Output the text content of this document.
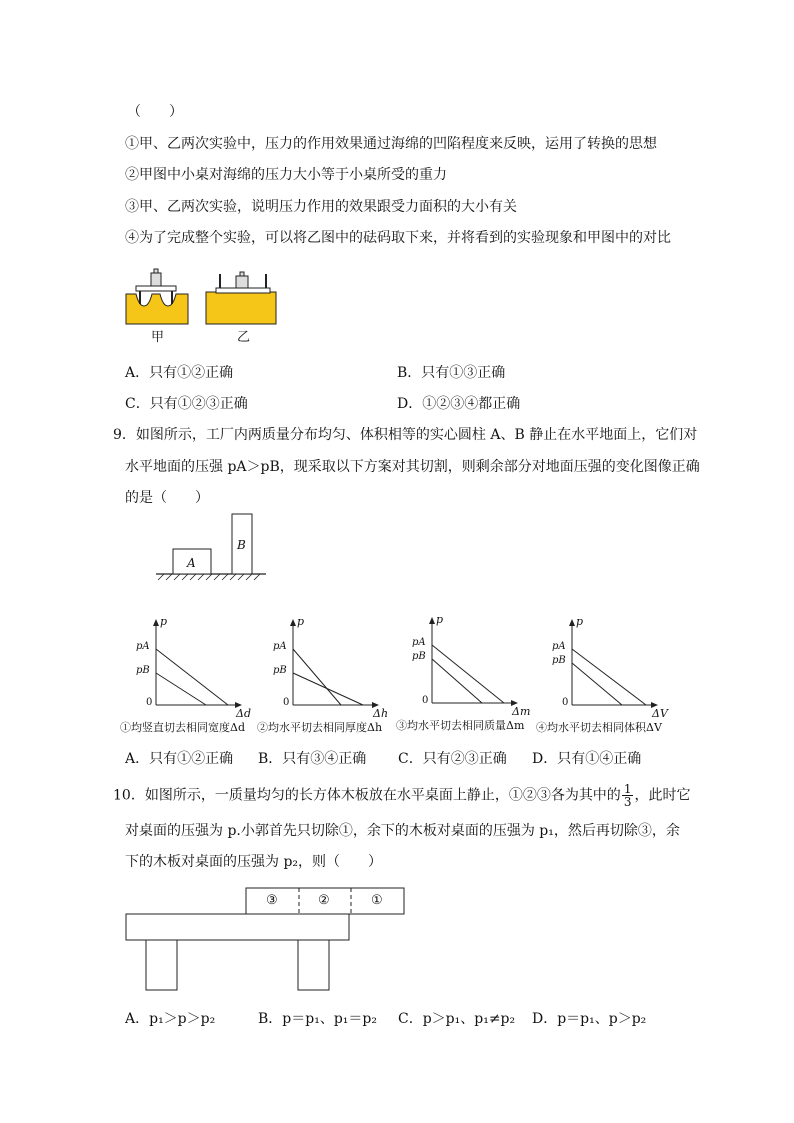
（　　）
①甲、乙两次实验中，压力的作用效果通过海绵的凹陷程度来反映，运用了转换的思想
②甲图中小桌对海绵的压力大小等于小桌所受的重力
③甲、乙两次实验，说明压力作用的效果跟受力面积的大小有关
④为了完成整个实验，可以将乙图中的砝码取下来，并将看到的实验现象和甲图中的对比
甲	乙
A．只有①②正确	B．只有①③正确
C．只有①②③正确	D．①②③④都正确
9．如图所示，工厂内两质量分布均匀、体积相等的实心圆柱 A、B 静止在水平地面上，它们对
水平地面的压强 pA＞pB，现采取以下方案对其切割，则剩余部分对地面压强的变化图像正确
的是（　　）
A
B
p
pA
pB
0
Δd
①均竖直切去相同宽度Δd
p
pA
pB
0
Δh
②均水平切去相同厚度Δh
p
pA
pB
0
Δm
③均水平切去相同质量Δm
p
pA
pB
0
ΔV
④均水平切去相同体积ΔV
A．只有①②正确 B．只有③④正确 C．只有②③正确 D．只有①④正确
10．如图所示，一质量均匀的长方体木板放在水平桌面上静止，①②③各为其中的 $\frac{1}{3}$ ，此时它
对桌面的压强为 p.小郭首先只切除①，余下的木板对桌面的压强为 p₁，然后再切除③，余
下的木板对桌面的压强为 p₂，则（　　）
③	②	①
A．p₁＞p＞p₂	B．p＝p₁、p₁＝p₂ C．p＞p₁、p₁≠p₂ D．p＝p₁、p＞p₂
